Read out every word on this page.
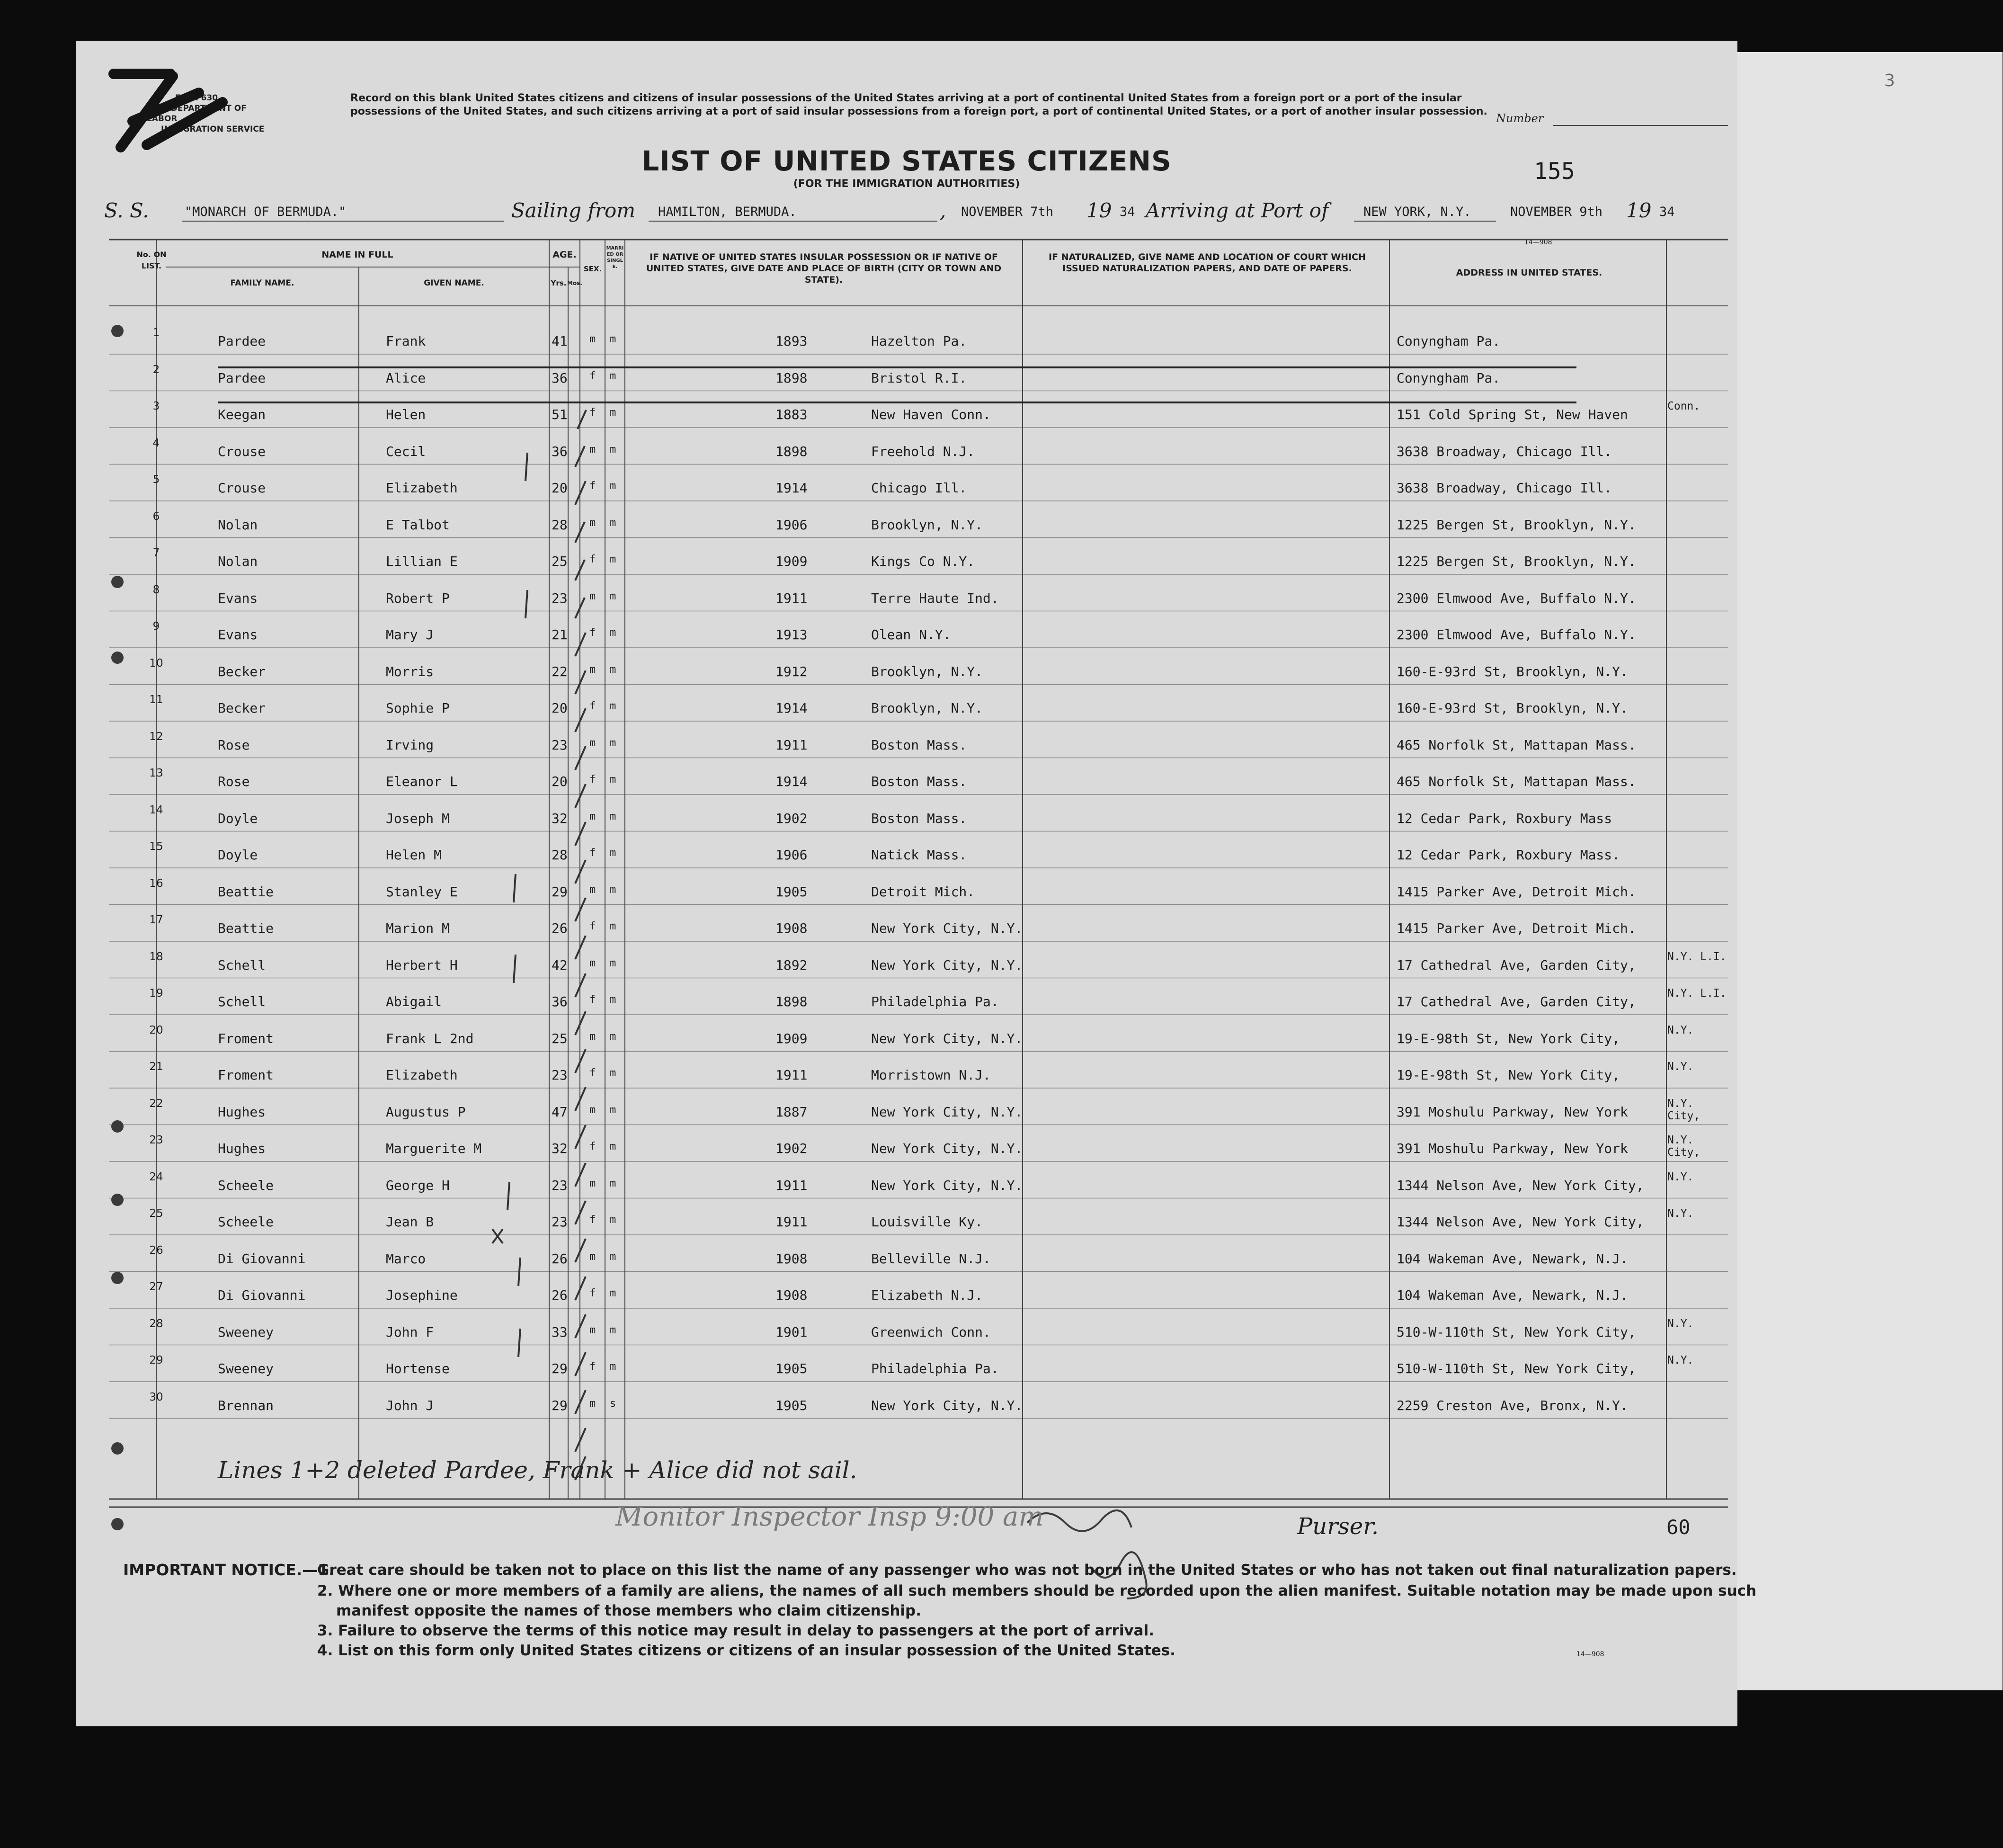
3
Form 630
U. S. DEPARTMENT OF LABOR
IMMIGRATION SERVICE
Record on this blank United States citizens and citizens of insular possessions of the United States arriving at a port of continental United States from a foreign port or a port of the insular possessions of the United States, and such citizens arriving at a port of said insular possessions from a foreign port, a port of continental United States, or a port of another insular possession.
Number
LIST OF UNITED STATES CITIZENS
(FOR THE IMMIGRATION AUTHORITIES)	155
S. S.	"MONARCH OF BERMUDA."	Sailing from HAMILTON, BERMUDA.	, NOVEMBER 7th 19 34 Arriving at Port of	NEW YORK, N.Y.	NOVEMBER 9th 19 34
14—908
No. ON LIST.
NAME IN FULL
FAMILY NAME.	GIVEN NAME.
AGE.
Yrs. Mos.
SEX.
MARRIED OR SINGLE.
IF NATIVE OF UNITED STATES INSULAR POSSESSION OR IF NATIVE OF UNITED STATES, GIVE DATE AND PLACE OF BIRTH (CITY OR TOWN AND STATE).
IF NATURALIZED, GIVE NAME AND LOCATION OF COURT WHICH ISSUED NATURALIZATION PAPERS, AND DATE OF PAPERS.	ADDRESS IN UNITED STATES.
1
Pardee	Frank	41 m m	1893	Hazelton Pa.	Conyngham Pa.
2
Pardee	Alice	36 f m	1898	Bristol R.I.	Conyngham Pa.
3
Keegan	Helen	51 f m	1883	New Haven Conn.	151 Cold Spring St, New Haven
Conn.
4
Crouse	Cecil	36 m m	1898	Freehold N.J.	3638 Broadway, Chicago Ill.
5
Crouse	Elizabeth	20 f m	1914	Chicago Ill.	3638 Broadway, Chicago Ill.
6
Nolan	E Talbot	28 m m	1906	Brooklyn, N.Y.	1225 Bergen St, Brooklyn, N.Y.
7
Nolan	Lillian E	25 f m	1909	Kings Co N.Y.	1225 Bergen St, Brooklyn, N.Y.
8
Evans	Robert P	23 m m	1911	Terre Haute Ind.	2300 Elmwood Ave, Buffalo N.Y.
9
Evans	Mary J	21 f m	1913	Olean N.Y.	2300 Elmwood Ave, Buffalo N.Y.
10
Becker	Morris	22 m m	1912	Brooklyn, N.Y.	160-E-93rd St, Brooklyn, N.Y.
11
Becker	Sophie P	20 f m	1914	Brooklyn, N.Y.	160-E-93rd St, Brooklyn, N.Y.
12
Rose	Irving	23 m m	1911	Boston Mass.	465 Norfolk St, Mattapan Mass.
13
Rose	Eleanor L	20 f m	1914	Boston Mass.	465 Norfolk St, Mattapan Mass.
14
Doyle	Joseph M	32 m m	1902	Boston Mass.	12 Cedar Park, Roxbury Mass
15
Doyle	Helen M	28 f m	1906	Natick Mass.	12 Cedar Park, Roxbury Mass.
16
Beattie	Stanley E	29 m m	1905	Detroit Mich.	1415 Parker Ave, Detroit Mich.
17
Beattie	Marion M	26 f m	1908	New York City, N.Y.	1415 Parker Ave, Detroit Mich.
18
Schell	Herbert H	42 m m	1892	New York City, N.Y.	17 Cathedral Ave, Garden City,
N.Y. L.I.
19
Schell	Abigail	36 f m	1898	Philadelphia Pa.	17 Cathedral Ave, Garden City,
N.Y. L.I.
20
Froment	Frank L 2nd	25 m m	1909	New York City, N.Y.	19-E-98th St, New York City,
N.Y.
21
Froment	Elizabeth	23 f m	1911	Morristown N.J.	19-E-98th St, New York City,
N.Y.
22
Hughes	Augustus P	47 m m	1887	New York City, N.Y.	391 Moshulu Parkway, New York
N.Y. City,
23
Hughes	Marguerite M	32 f m	1902	New York City, N.Y.	391 Moshulu Parkway, New York
N.Y. City,
24
Scheele	George H	23 m m	1911	New York City, N.Y.	1344 Nelson Ave, New York City,
N.Y.
25
Scheele	Jean B	23 f m	1911	Louisville Ky.	1344 Nelson Ave, New York City,
N.Y.
26
Di Giovanni	Marco	26 m m	1908	Belleville N.J.	104 Wakeman Ave, Newark, N.J.
27
Di Giovanni	Josephine	26 f m	1908	Elizabeth N.J.	104 Wakeman Ave, Newark, N.J.
28
Sweeney	John F	33 m m	1901	Greenwich Conn.	510-W-110th St, New York City,
N.Y.
29
Sweeney	Hortense	29 f m	1905	Philadelphia Pa.	510-W-110th St, New York City,
N.Y.
30
Brennan	John J	29 m s	1905	New York City, N.Y.	2259 Creston Ave, Bronx, N.Y.
Lines 1+2 deleted Pardee, Frank + Alice did not sail.
Monitor Inspector Insp 9:00 am	Purser.	60
IMPORTANT NOTICE.—1.
Great care should be taken not to place on this list the name of any passenger who was not born in the United States or who has not taken out final naturalization papers.
2. Where one or more members of a family are aliens, the names of all such members should be recorded upon the alien manifest. Suitable notation may be made upon such
manifest opposite the names of those members who claim citizenship.
3. Failure to observe the terms of this notice may result in delay to passengers at the port of arrival.
4. List on this form only United States citizens or citizens of an insular possession of the United States.	14—908
